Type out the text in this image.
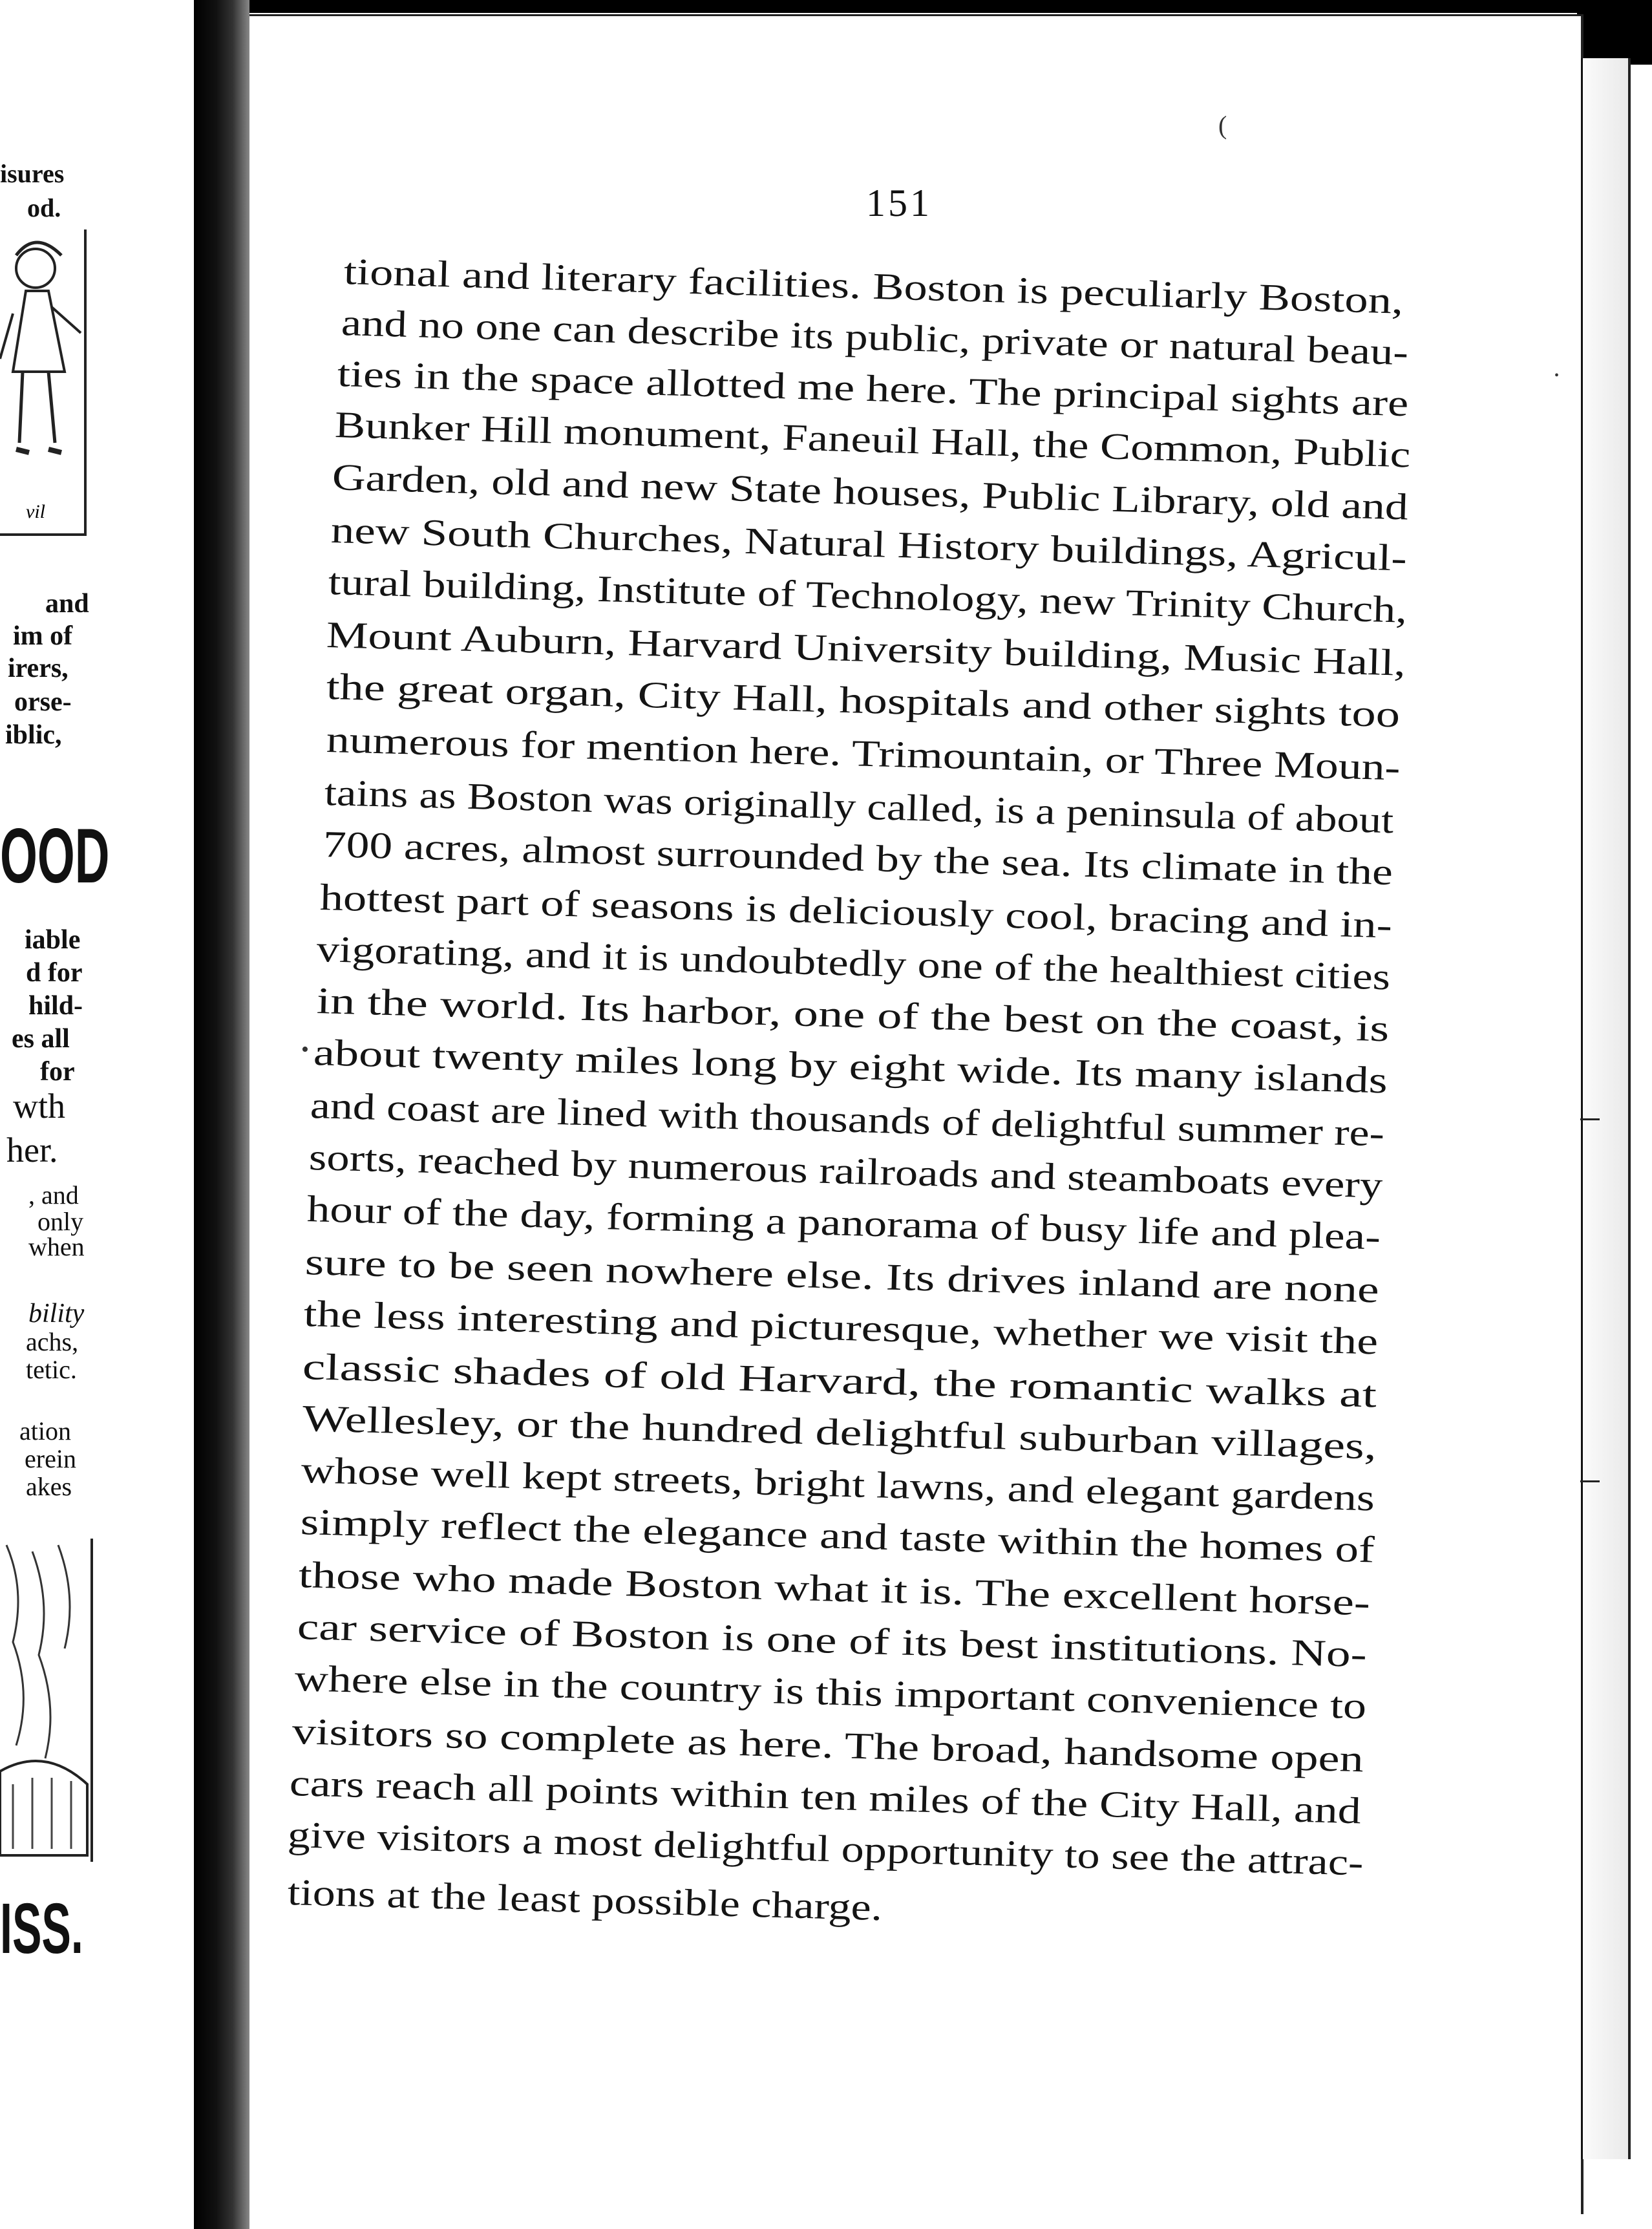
vil
isures
od.
and
im of
irers,
orse-
iblic,
OOD
iable
d for
hild-
es all
for
wth
her.
, and
only
when
bility
achs,
tetic.
ation
erein
akes
ISS.
151
tional and literary facilities. Boston is peculiarly Boston,
and no one can describe its public, private or natural beau-
ties in the space allotted me here. The principal sights are
Bunker Hill monument, Faneuil Hall, the Common, Public
Garden, old and new State houses, Public Library, old and
new South Churches, Natural History buildings, Agricul-
tural building, Institute of Technology, new Trinity Church,
Mount Auburn, Harvard University building, Music Hall,
the great organ, City Hall, hospitals and other sights too
numerous for mention here. Trimountain, or Three Moun-
tains as Boston was originally called, is a peninsula of about
700 acres, almost surrounded by the sea. Its climate in the
hottest part of seasons is deliciously cool, bracing and in-
vigorating, and it is undoubtedly one of the healthiest cities
in the world. Its harbor, one of the best on the coast, is
about twenty miles long by eight wide. Its many islands
and coast are lined with thousands of delightful summer re-
sorts, reached by numerous railroads and steamboats every
hour of the day, forming a panorama of busy life and plea-
sure to be seen nowhere else. Its drives inland are none
the less interesting and picturesque, whether we visit the
classic shades of old Harvard, the romantic walks at
Wellesley, or the hundred delightful suburban villages,
whose well kept streets, bright lawns, and elegant gardens
simply reflect the elegance and taste within the homes of
those who made Boston what it is. The excellent horse-
car service of Boston is one of its best institutions. No-
where else in the country is this important convenience to
visitors so complete as here. The broad, handsome open
cars reach all points within ten miles of the City Hall, and
give visitors a most delightful opportunity to see the attrac-
tions at the least possible charge.
(
•
•
